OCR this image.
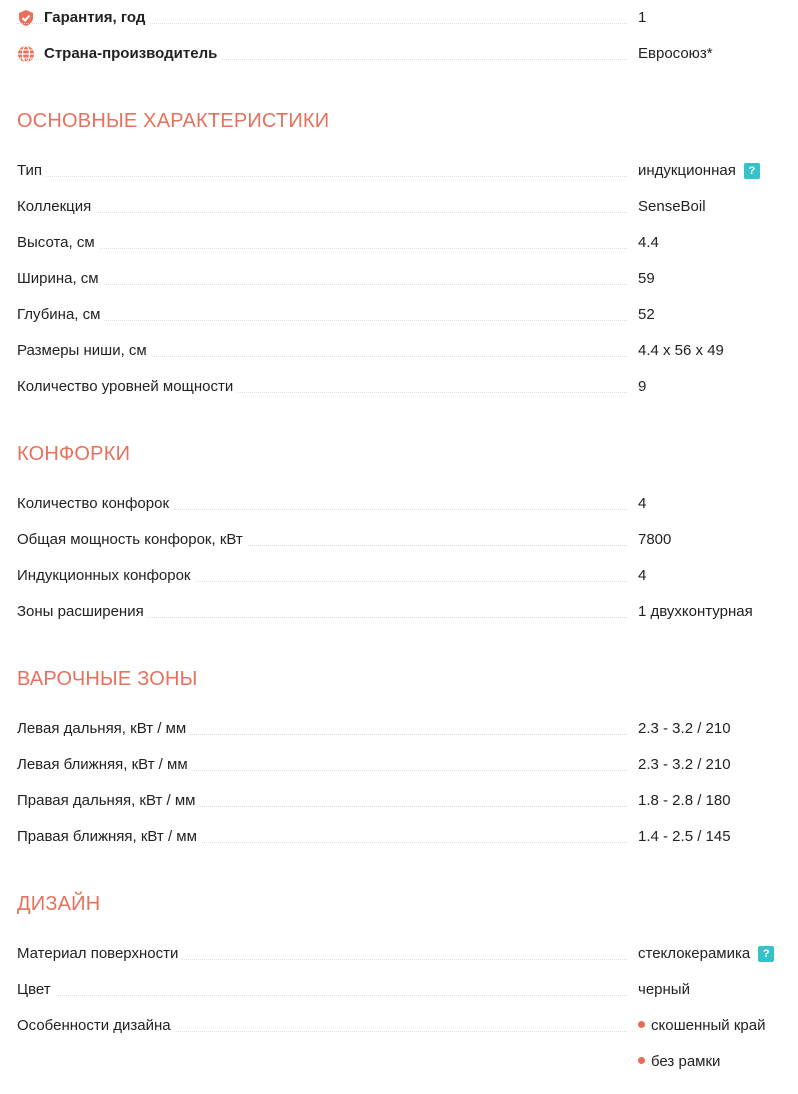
Гарантия, год	1
Страна-производитель	Евросоюз*
ОСНОВНЫЕ ХАРАКТЕРИСТИКИ
Тип	индукционная ?
Коллекция	SenseBoil
Высота, см	4.4
Ширина, см	59
Глубина, см	52
Размеры ниши, см	4.4 х 56 х 49
Количество уровней мощности	9
КОНФОРКИ
Количество конфорок	4
Общая мощность конфорок, кВт	7800
Индукционных конфорок	4
Зоны расширения	1 двухконтурная
ВАРОЧНЫЕ ЗОНЫ
Левая дальняя, кВт / мм	2.3 - 3.2 / 210
Левая ближняя, кВт / мм	2.3 - 3.2 / 210
Правая дальняя, кВт / мм	1.8 - 2.8 / 180
Правая ближняя, кВт / мм	1.4 - 2.5 / 145
ДИЗАЙН
Материал поверхности	стеклокерамика ?
Цвет	черный
Особенности дизайна	скошенный край
без рамки
